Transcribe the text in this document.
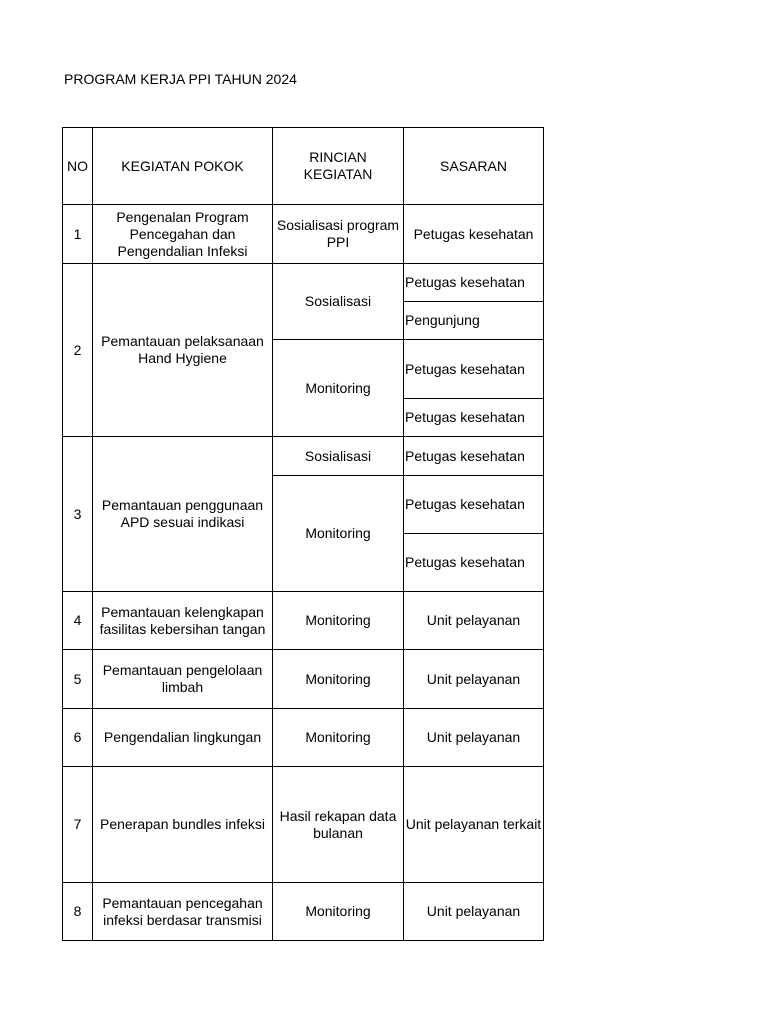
PROGRAM KERJA PPI TAHUN 2024
NO	KEGIATAN POKOK	RINCIAN KEGIATAN	SASARAN
1	Pengenalan Program Pencegahan dan Pengendalian Infeksi	Sosialisasi program PPI	Petugas kesehatan
2	Pemantauan pelaksanaan Hand Hygiene	Sosialisasi	Petugas kesehatan
			Pengunjung
		Monitoring	Petugas kesehatan
			Petugas kesehatan
3	Pemantauan penggunaan APD sesuai indikasi	Sosialisasi	Petugas kesehatan
		Monitoring	Petugas kesehatan
			Petugas kesehatan
4	Pemantauan kelengkapan fasilitas kebersihan tangan	Monitoring	Unit pelayanan
5	Pemantauan pengelolaan limbah	Monitoring	Unit pelayanan
6	Pengendalian lingkungan	Monitoring	Unit pelayanan
7	Penerapan bundles infeksi	Hasil rekapan data bulanan	Unit pelayanan terkait
8	Pemantauan pencegahan infeksi berdasar transmisi	Monitoring	Unit pelayanan
